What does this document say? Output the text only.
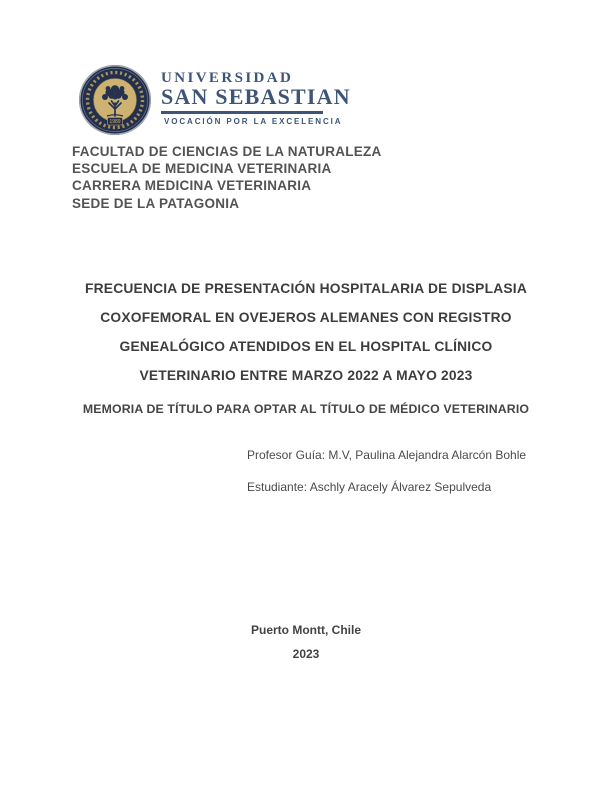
1989
UNIVERSIDAD
SAN SEBASTIAN
VOCACIÓN POR LA EXCELENCIA
FACULTAD DE CIENCIAS DE LA NATURALEZA
ESCUELA DE MEDICINA VETERINARIA
CARRERA MEDICINA VETERINARIA
SEDE DE LA PATAGONIA
FRECUENCIA DE PRESENTACIÓN HOSPITALARIA DE DISPLASIA
COXOFEMORAL EN OVEJEROS ALEMANES CON REGISTRO
GENEALÓGICO ATENDIDOS EN EL HOSPITAL CLÍNICO
VETERINARIO ENTRE MARZO 2022 A MAYO 2023
MEMORIA DE TÍTULO PARA OPTAR AL TÍTULO DE MÉDICO VETERINARIO
Profesor Guía: M.V, Paulina Alejandra Alarcón Bohle
Estudiante: Aschly Aracely Álvarez Sepulveda
Puerto Montt, Chile
2023
